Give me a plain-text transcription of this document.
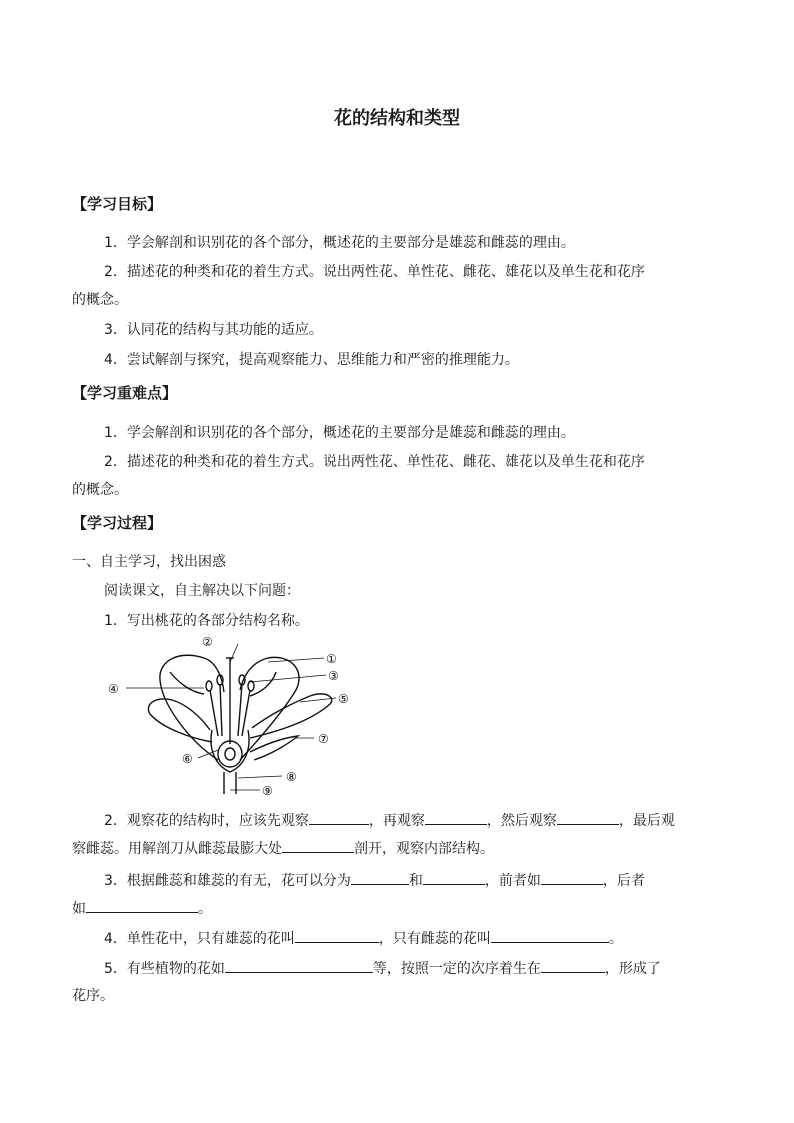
花的结构和类型
【学习目标】
1．学会解剖和识别花的各个部分，概述花的主要部分是雄蕊和雌蕊的理由。
2．描述花的种类和花的着生方式。说出两性花、单性花、雌花、雄花以及单生花和花序
的概念。
3．认同花的结构与其功能的适应。
4．尝试解剖与探究，提高观察能力、思维能力和严密的推理能力。
【学习重难点】
1．学会解剖和识别花的各个部分，概述花的主要部分是雄蕊和雌蕊的理由。
2．描述花的种类和花的着生方式。说出两性花、单性花、雌花、雄花以及单生花和花序
的概念。
【学习过程】
一、自主学习，找出困惑
阅读课文，自主解决以下问题：
1．写出桃花的各部分结构名称。
①
②
③
④
⑤
⑥
⑦
⑧
⑨
2．观察花的结构时，应该先观察	，再观察	，然后观察	，最后观
察雌蕊。用解剖刀从雌蕊最膨大处	剖开，观察内部结构。
3．根据雌蕊和雄蕊的有无，花可以分为	和	，前者如	，后者
如	。
4．单性花中，只有雄蕊的花叫	，只有雌蕊的花叫	。
5．有些植物的花如	等，按照一定的次序着生在	，形成了
花序。
